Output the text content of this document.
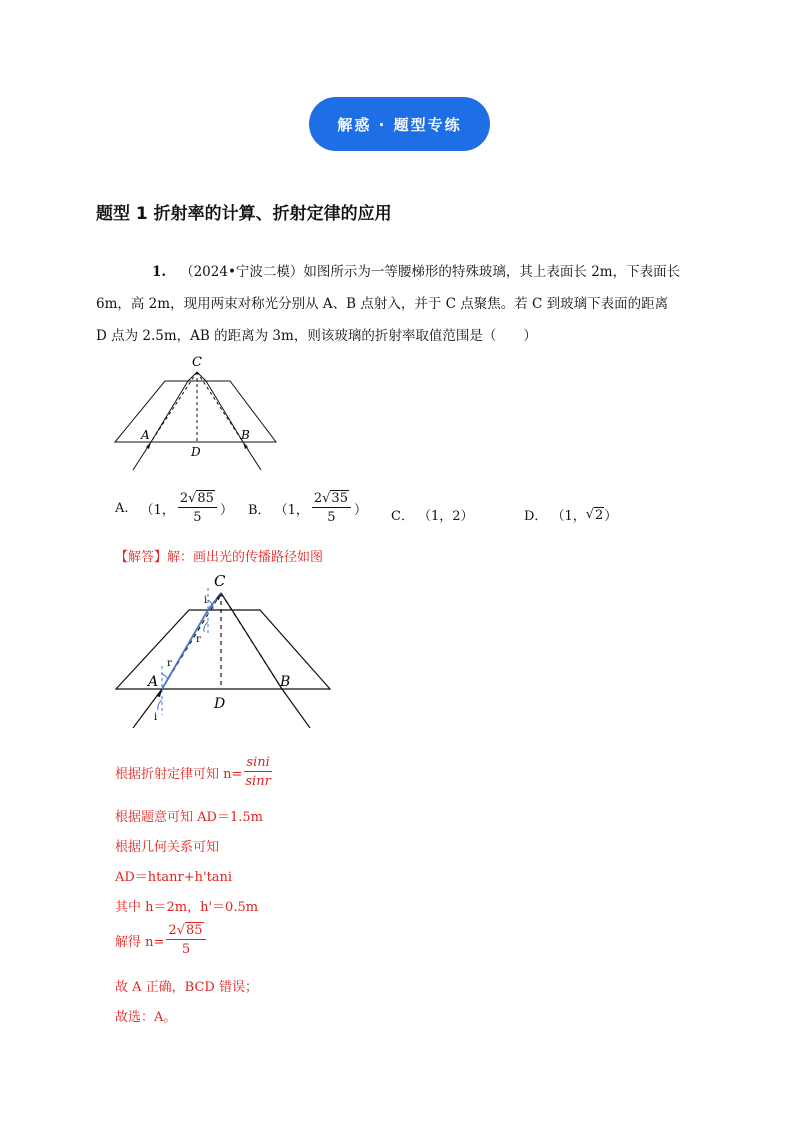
解惑 · 题型专练
题型 1 折射率的计算、折射定律的应用
1. （2024•宁波二模）如图所示为一等腰梯形的特殊玻璃，其上表面长 2m，下表面长
6m，高 2m，现用两束对称光分别从 A、B 点射入，并于 C 点聚焦。若 C 到玻璃下表面的距离
D 点为 2.5m，AB 的距离为 3m，则该玻璃的折射率取值范围是（　　）
C
A	B
D
A. （1， $\frac{2√85}{5}$ ） B． （1， $\frac{2√35}{5}$ ） C． （1，2）	D． （1， √ 2 ）
【解答】解：画出光的传播路径如图
C
A	B
D
i
r
r
i
根据折射定律可知 $n= \frac{\sin i}{\sin r}$
根据题意可知 AD＝1.5m
根据几何关系可知
AD＝htanr+h'tani
其中 h＝2m，h'＝0.5m
解得 $n= \frac{2√85}{5}$
故 A 正确，BCD 错误；
故选：A。
